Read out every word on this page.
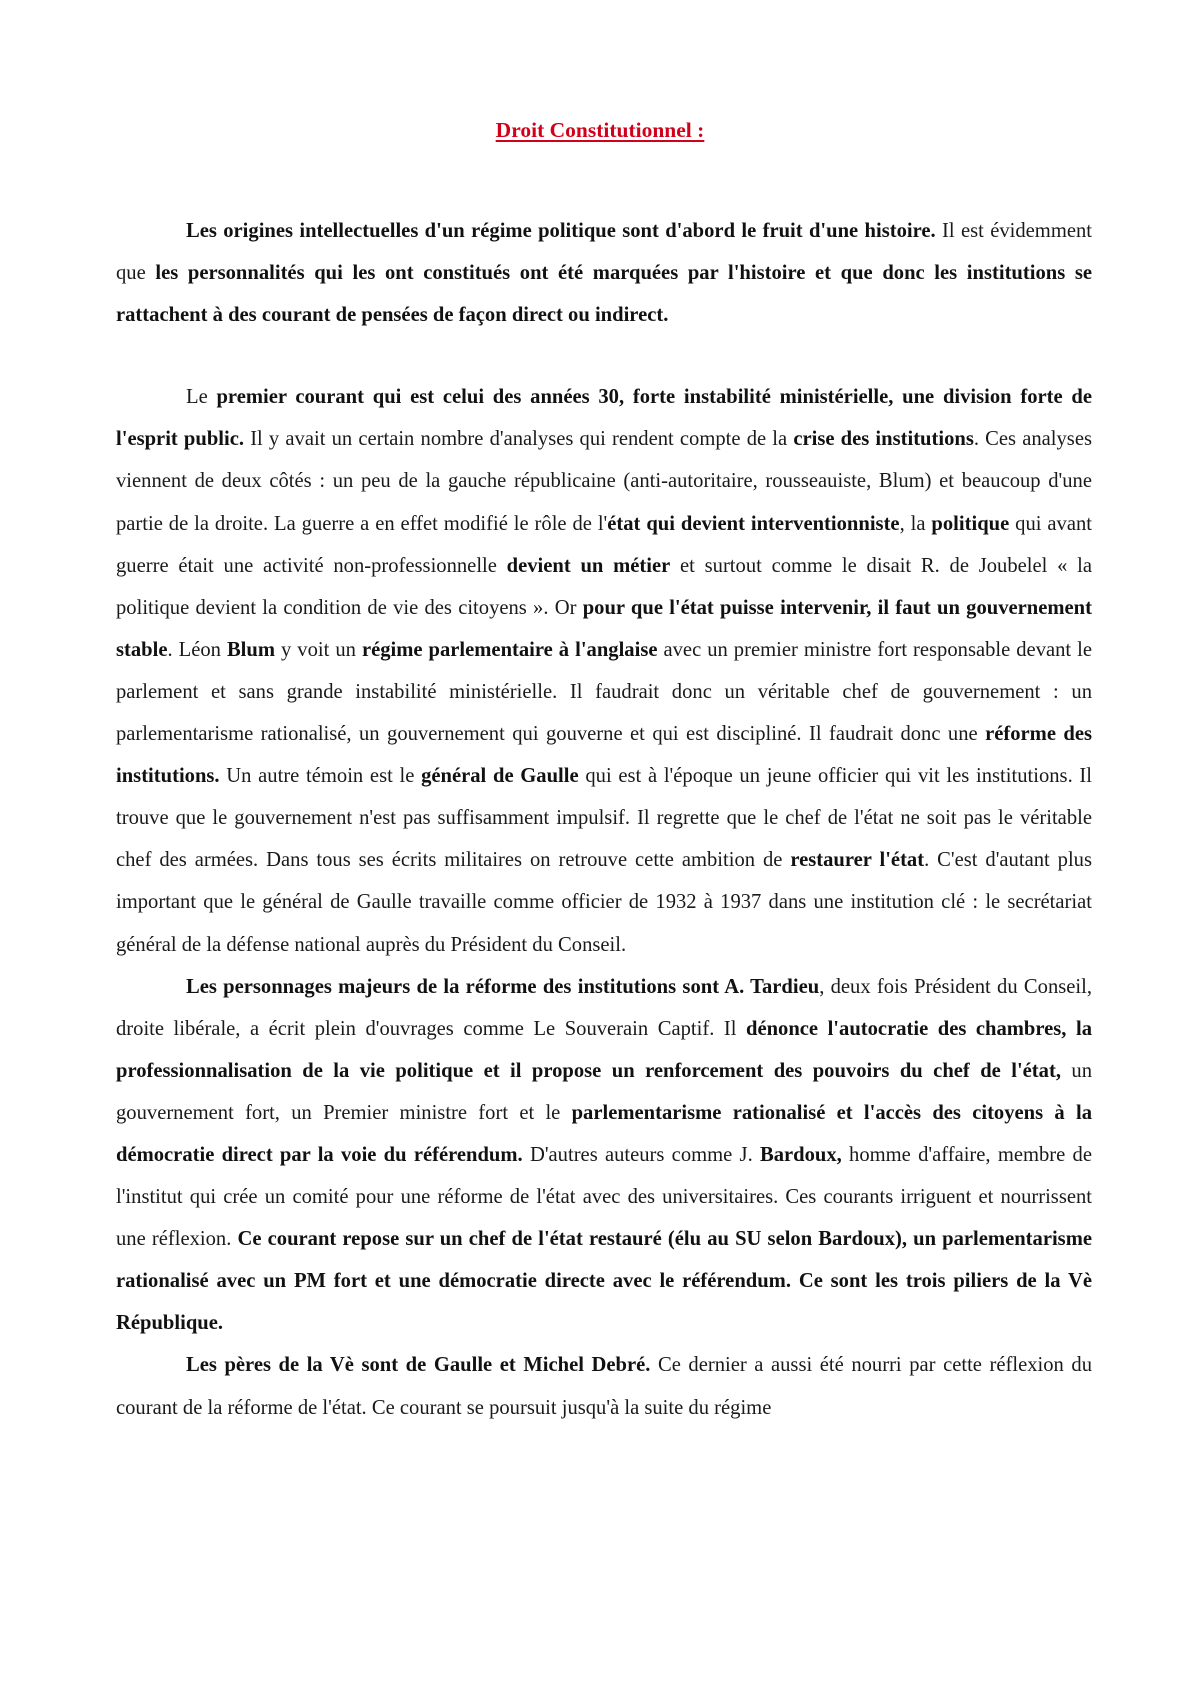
Droit Constitutionnel :

Les origines intellectuelles d'un régime politique sont d'abord le fruit d'une histoire. Il est évidemment que les personnalités qui les ont constitués ont été marquées par l'histoire et que donc les institutions se rattachent à des courant de pensées de façon direct ou indirect.

Le premier courant qui est celui des années 30, forte instabilité ministérielle, une division forte de l'esprit public. Il y avait un certain nombre d'analyses qui rendent compte de la crise des institutions. Ces analyses viennent de deux côtés : un peu de la gauche républicaine (anti-autoritaire, rousseauiste, Blum) et beaucoup d'une partie de la droite. La guerre a en effet modifié le rôle de l'état qui devient interventionniste, la politique qui avant guerre était une activité non-professionnelle devient un métier et surtout comme le disait R. de Joubelel « la politique devient la condition de vie des citoyens ». Or pour que l'état puisse intervenir, il faut un gouvernement stable. Léon Blum y voit un régime parlementaire à l'anglaise avec un premier ministre fort responsable devant le parlement et sans grande instabilité ministérielle. Il faudrait donc un véritable chef de gouvernement : un parlementarisme rationalisé, un gouvernement qui gouverne et qui est discipliné. Il faudrait donc une réforme des institutions. Un autre témoin est le général de Gaulle qui est à l'époque un jeune officier qui vit les institutions. Il trouve que le gouvernement n'est pas suffisamment impulsif. Il regrette que le chef de l'état ne soit pas le véritable chef des armées. Dans tous ses écrits militaires on retrouve cette ambition de restaurer l'état. C'est d'autant plus important que le général de Gaulle travaille comme officier de 1932 à 1937 dans une institution clé : le secrétariat général de la défense national auprès du Président du Conseil.

Les personnages majeurs de la réforme des institutions sont A. Tardieu, deux fois Président du Conseil, droite libérale, a écrit plein d'ouvrages comme Le Souverain Captif. Il dénonce l'autocratie des chambres, la professionnalisation de la vie politique et il propose un renforcement des pouvoirs du chef de l'état, un gouvernement fort, un Premier ministre fort et le parlementarisme rationalisé et l'accès des citoyens à la démocratie direct par la voie du référendum. D'autres auteurs comme J. Bardoux, homme d'affaire, membre de l'institut qui crée un comité pour une réforme de l'état avec des universitaires. Ces courants irriguent et nourrissent une réflexion. Ce courant repose sur un chef de l'état restauré (élu au SU selon Bardoux), un parlementarisme rationalisé avec un PM fort et une démocratie directe avec le référendum. Ce sont les trois piliers de la Vè République.

Les pères de la Vè sont de Gaulle et Michel Debré. Ce dernier a aussi été nourri par cette réflexion du courant de la réforme de l'état. Ce courant se poursuit jusqu'à la suite du régime
